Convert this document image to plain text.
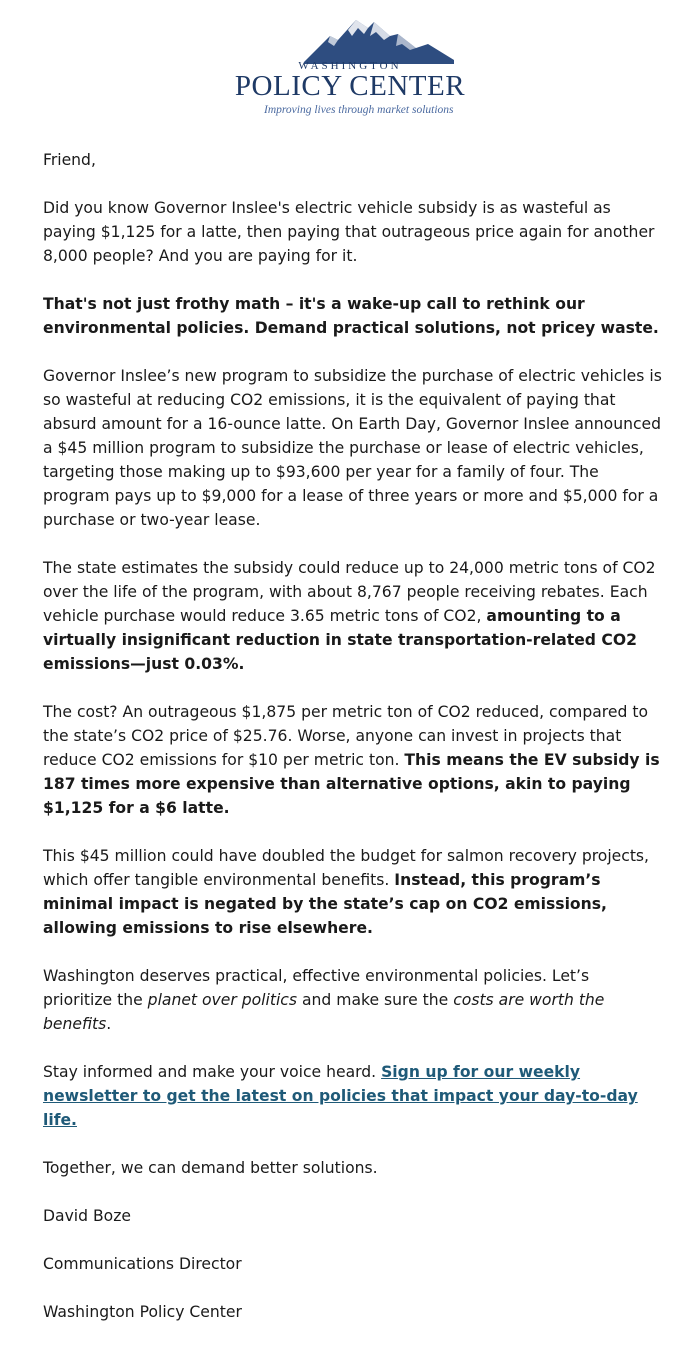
WASHINGTON
POLICY CENTER
Improving lives through market solutions

Friend,

Did you know Governor Inslee's electric vehicle subsidy is as wasteful as paying $1,125 for a latte, then paying that outrageous price again for another 8,000 people? And you are paying for it.

That's not just frothy math – it's a wake-up call to rethink our environmental policies. Demand practical solutions, not pricey waste.

Governor Inslee’s new program to subsidize the purchase of electric vehicles is so wasteful at reducing CO2 emissions, it is the equivalent of paying that absurd amount for a 16-ounce latte. On Earth Day, Governor Inslee announced a $45 million program to subsidize the purchase or lease of electric vehicles, targeting those making up to $93,600 per year for a family of four. The program pays up to $9,000 for a lease of three years or more and $5,000 for a purchase or two-year lease.

The state estimates the subsidy could reduce up to 24,000 metric tons of CO2 over the life of the program, with about 8,767 people receiving rebates. Each vehicle purchase would reduce 3.65 metric tons of CO2, amounting to a virtually insignificant reduction in state transportation-related CO2 emissions—just 0.03%.

The cost? An outrageous $1,875 per metric ton of CO2 reduced, compared to the state’s CO2 price of $25.76. Worse, anyone can invest in projects that reduce CO2 emissions for $10 per metric ton. This means the EV subsidy is 187 times more expensive than alternative options, akin to paying $1,125 for a $6 latte.

This $45 million could have doubled the budget for salmon recovery projects, which offer tangible environmental benefits. Instead, this program’s minimal impact is negated by the state’s cap on CO2 emissions, allowing emissions to rise elsewhere.

Washington deserves practical, effective environmental policies. Let’s prioritize the planet over politics and make sure the costs are worth the benefits.

Stay informed and make your voice heard. Sign up for our weekly newsletter to get the latest on policies that impact your day-to-day life.

Together, we can demand better solutions.

David Boze

Communications Director

Washington Policy Center
